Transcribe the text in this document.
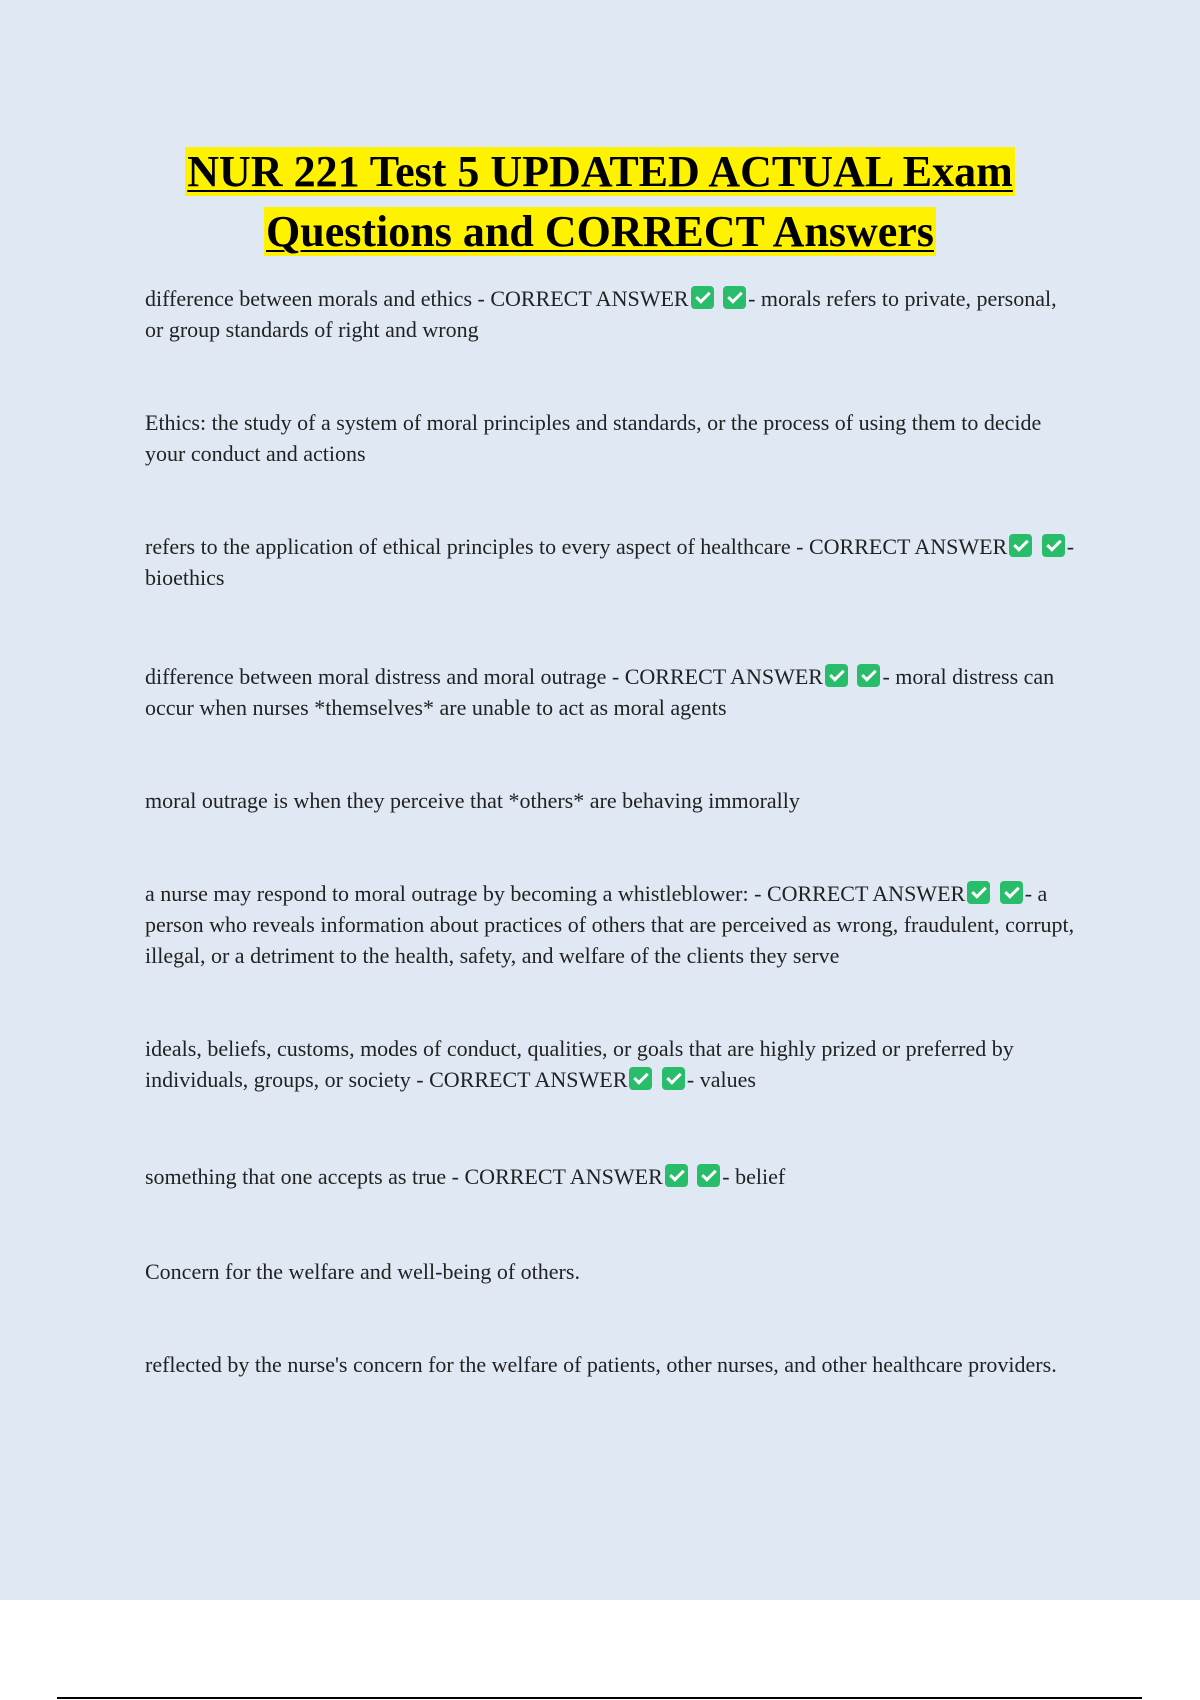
NUR 221 Test 5 UPDATED ACTUAL Exam
Questions and CORRECT Answers

difference between morals and ethics - CORRECT ANSWER	- morals refers to private, personal, or group standards of right and wrong

Ethics: the study of a system of moral principles and standards, or the process of using them to decide your conduct and actions

refers to the application of ethical principles to every aspect of healthcare - CORRECT ANSWER	- bioethics

difference between moral distress and moral outrage - CORRECT ANSWER	- moral distress can occur when nurses *themselves* are unable to act as moral agents

moral outrage is when they perceive that *others* are behaving immorally

a nurse may respond to moral outrage by becoming a whistleblower: - CORRECT ANSWER	- a person who reveals information about practices of others that are perceived as wrong, fraudulent, corrupt, illegal, or a detriment to the health, safety, and welfare of the clients they serve

ideals, beliefs, customs, modes of conduct, qualities, or goals that are highly prized or preferred by individuals, groups, or society - CORRECT ANSWER	- values

something that one accepts as true - CORRECT ANSWER	- belief

Concern for the welfare and well-being of others.

reflected by the nurse's concern for the welfare of patients, other nurses, and other healthcare providers.
